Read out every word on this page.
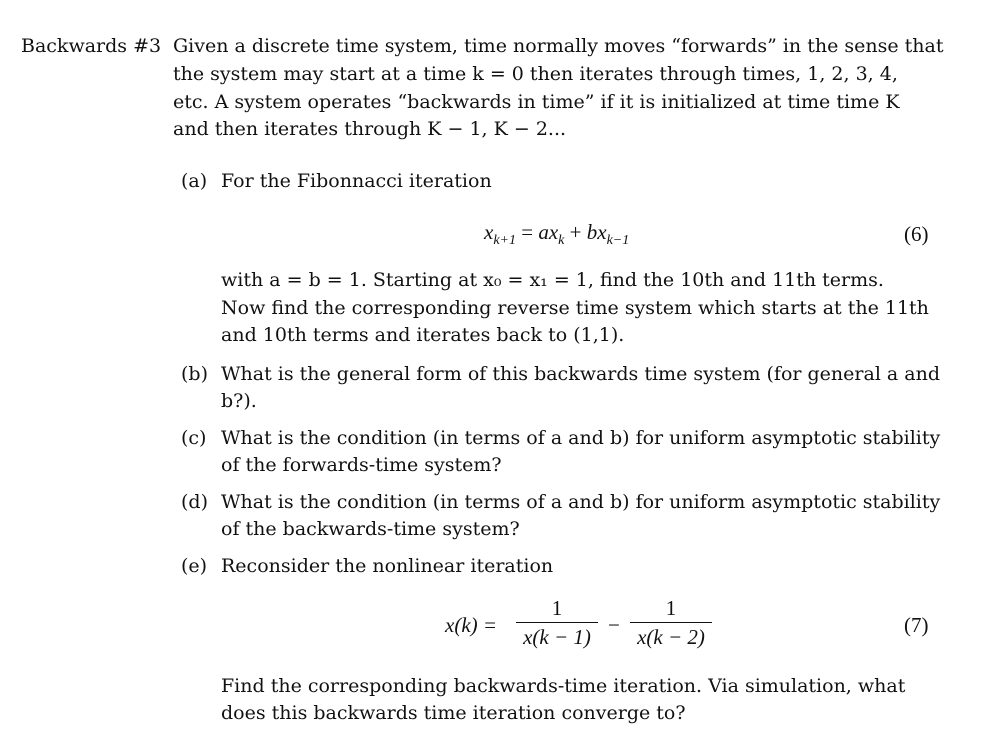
Backwards #3 Given a discrete time system, time normally moves “forwards” in the sense that
the system may start at a time k = 0 then iterates through times, 1, 2, 3, 4,
etc. A system operates “backwards in time” if it is initialized at time time K
and then iterates through K − 1, K − 2...
(a) For the Fibonnacci iteration
$x_{k+1} = ax_k + bx_{k-1}$	(6)
with a = b = 1. Starting at x₀ = x₁ = 1, find the 10th and 11th terms.
Now find the corresponding reverse time system which starts at the 11th
and 10th terms and iterates back to (1,1).
(b) What is the general form of this backwards time system (for general a and
b?).
(c) What is the condition (in terms of a and b) for uniform asymptotic stability
of the forwards-time system?
(d) What is the condition (in terms of a and b) for uniform asymptotic stability
of the backwards-time system?
(e) Reconsider the nonlinear iteration
x(k) =
1
x(k − 1) −
1
x(k − 2)	(7)
Find the corresponding backwards-time iteration. Via simulation, what
does this backwards time iteration converge to?
